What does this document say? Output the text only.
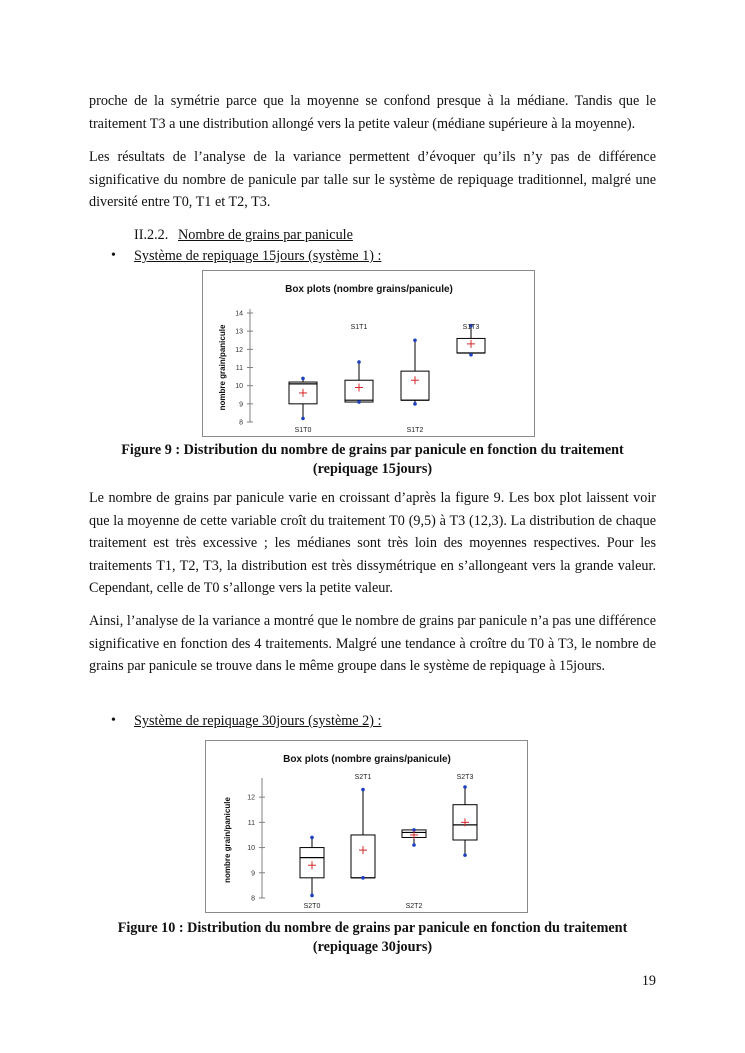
proche de la symétrie parce que la moyenne se confond presque à la médiane. Tandis que le traitement T3 a une distribution allongé vers la petite valeur (médiane supérieure à la moyenne).

Les résultats de l’analyse de la variance permettent d’évoquer qu’ils n’y pas de différence significative du nombre de panicule par talle sur le système de repiquage traditionnel, malgré une diversité entre T0, T1 et T2, T3.

II.2.2. Nombre de grains par panicule
• Système de repiquage 15jours (système 1) :
Box plots (nombre grains/panicule)
nombre grain/panicule
8
9
10
11
12
13
14
S1T0
S1T1
S1T2
S1T3
Figure 9 : Distribution du nombre de grains par panicule en fonction du traitement
(repiquage 15jours)

Le nombre de grains par panicule varie en croissant d’après la figure 9. Les box plot laissent voir que la moyenne de cette variable croît du traitement T0 (9,5) à T3 (12,3). La distribution de chaque traitement est très excessive ; les médianes sont très loin des moyennes respectives. Pour les traitements T1, T2, T3, la distribution est très dissymétrique en s’allongeant vers la grande valeur. Cependant, celle de T0 s’allonge vers la petite valeur.

Ainsi, l’analyse de la variance a montré que le nombre de grains par panicule n’a pas une différence significative en fonction des 4 traitements. Malgré une tendance à croître du T0 à T3, le nombre de grains par panicule se trouve dans le même groupe dans le système de repiquage à 15jours.

• Système de repiquage 30jours (système 2) :
Box plots (nombre grains/panicule)
nombre grain/panicule
8
9
10
11
12
S2T0
S2T1
S2T2
S2T3
Figure 10 : Distribution du nombre de grains par panicule en fonction du traitement
(repiquage 30jours)
19
